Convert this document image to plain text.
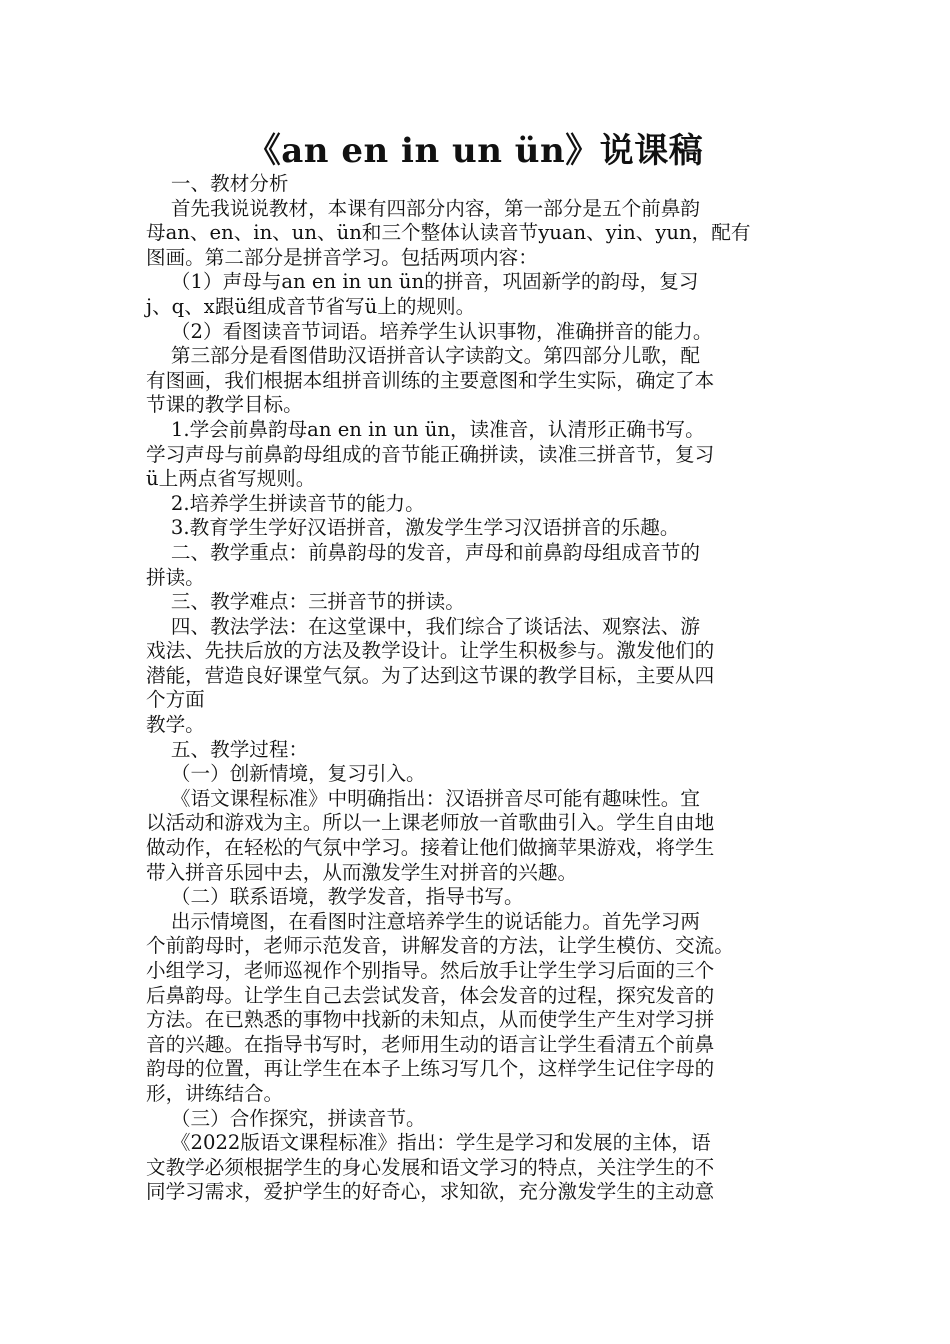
《an en in un ün》说课稿
一、教材分析
首先我说说教材，本课有四部分内容，第一部分是五个前鼻韵
母an、en、in、un、ün和三个整体认读音节yuan、yin、yun，配有
图画。第二部分是拼音学习。包括两项内容：
（1）声母与an en in un ün的拼音，巩固新学的韵母，复习
j、q、x跟ü组成音节省写ü上的规则。
（2）看图读音节词语。培养学生认识事物，准确拼音的能力。
第三部分是看图借助汉语拼音认字读韵文。第四部分儿歌，配
有图画，我们根据本组拼音训练的主要意图和学生实际，确定了本
节课的教学目标。
1.学会前鼻韵母an en in un ün，读准音，认清形正确书写。
学习声母与前鼻韵母组成的音节能正确拼读，读准三拼音节，复习
ü上两点省写规则。
2.培养学生拼读音节的能力。
3.教育学生学好汉语拼音，激发学生学习汉语拼音的乐趣。
二、教学重点：前鼻韵母的发音，声母和前鼻韵母组成音节的
拼读。
三、教学难点：三拼音节的拼读。
四、教法学法：在这堂课中，我们综合了谈话法、观察法、游
戏法、先扶后放的方法及教学设计。让学生积极参与。激发他们的
潜能，营造良好课堂气氛。为了达到这节课的教学目标，主要从四
个方面
教学。
五、教学过程：
（一）创新情境，复习引入。
《语文课程标准》中明确指出：汉语拼音尽可能有趣味性。宜
以活动和游戏为主。所以一上课老师放一首歌曲引入。学生自由地
做动作，在轻松的气氛中学习。接着让他们做摘苹果游戏，将学生
带入拼音乐园中去，从而激发学生对拼音的兴趣。
（二）联系语境，教学发音，指导书写。
出示情境图，在看图时注意培养学生的说话能力。首先学习两
个前韵母时，老师示范发音，讲解发音的方法，让学生模仿、交流。
小组学习，老师巡视作个别指导。然后放手让学生学习后面的三个
后鼻韵母。让学生自己去尝试发音，体会发音的过程，探究发音的
方法。在已熟悉的事物中找新的未知点，从而使学生产生对学习拼
音的兴趣。在指导书写时，老师用生动的语言让学生看清五个前鼻
韵母的位置，再让学生在本子上练习写几个，这样学生记住字母的
形，讲练结合。
（三）合作探究，拼读音节。
《2022版语文课程标准》指出：学生是学习和发展的主体，语
文教学必须根据学生的身心发展和语文学习的特点，关注学生的不
同学习需求，爱护学生的好奇心，求知欲，充分激发学生的主动意
